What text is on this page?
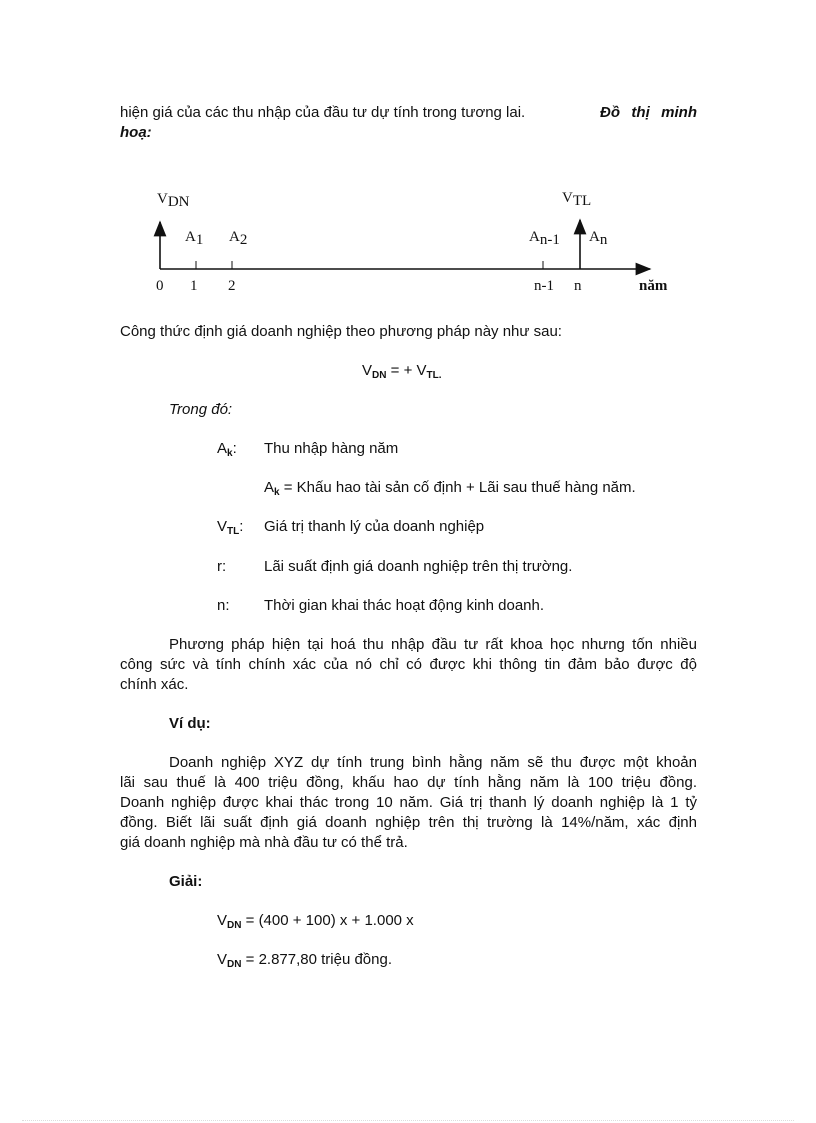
hiện giá của các thu nhập của đầu tư dự tính trong tương lai.	Đồ thị minh
hoạ:
VDN	VTL
A1 A2	An-1 An
0 1 2	n-1 n	năm
Công thức định giá doanh nghiệp theo phương pháp này như sau:
$V_{DN}$ = + $V_{TL.}$
Trong đó:
$A_k$: Thu nhập hàng năm
$A_k$ = Khấu hao tài sản cố định + Lãi sau thuế hàng năm.
$V_{TL}$: Giá trị thanh lý của doanh nghiệp
r:	Lãi suất định giá doanh nghiệp trên thị trường.
n: Thời gian khai thác hoạt động kinh doanh.
Phương pháp hiện tại hoá thu nhập đầu tư rất khoa học nhưng tốn nhiều
công sức và tính chính xác của nó chỉ có được khi thông tin đảm bảo được độ
chính xác.
Ví dụ:
Doanh nghiệp XYZ dự tính trung bình hằng năm sẽ thu được một khoản
lãi sau thuế là 400 triệu đồng, khấu hao dự tính hằng năm là 100 triệu đồng.
Doanh nghiệp được khai thác trong 10 năm. Giá trị thanh lý doanh nghiệp là 1 tỷ
đồng. Biết lãi suất định giá doanh nghiệp trên thị trường là 14%/năm, xác định
giá doanh nghiệp mà nhà đầu tư có thể trả.
Giải:
$V_{DN} = (400 + 100) x + 1.000$ x
$V_{DN} = 2.877,80$ triệu đồng.
